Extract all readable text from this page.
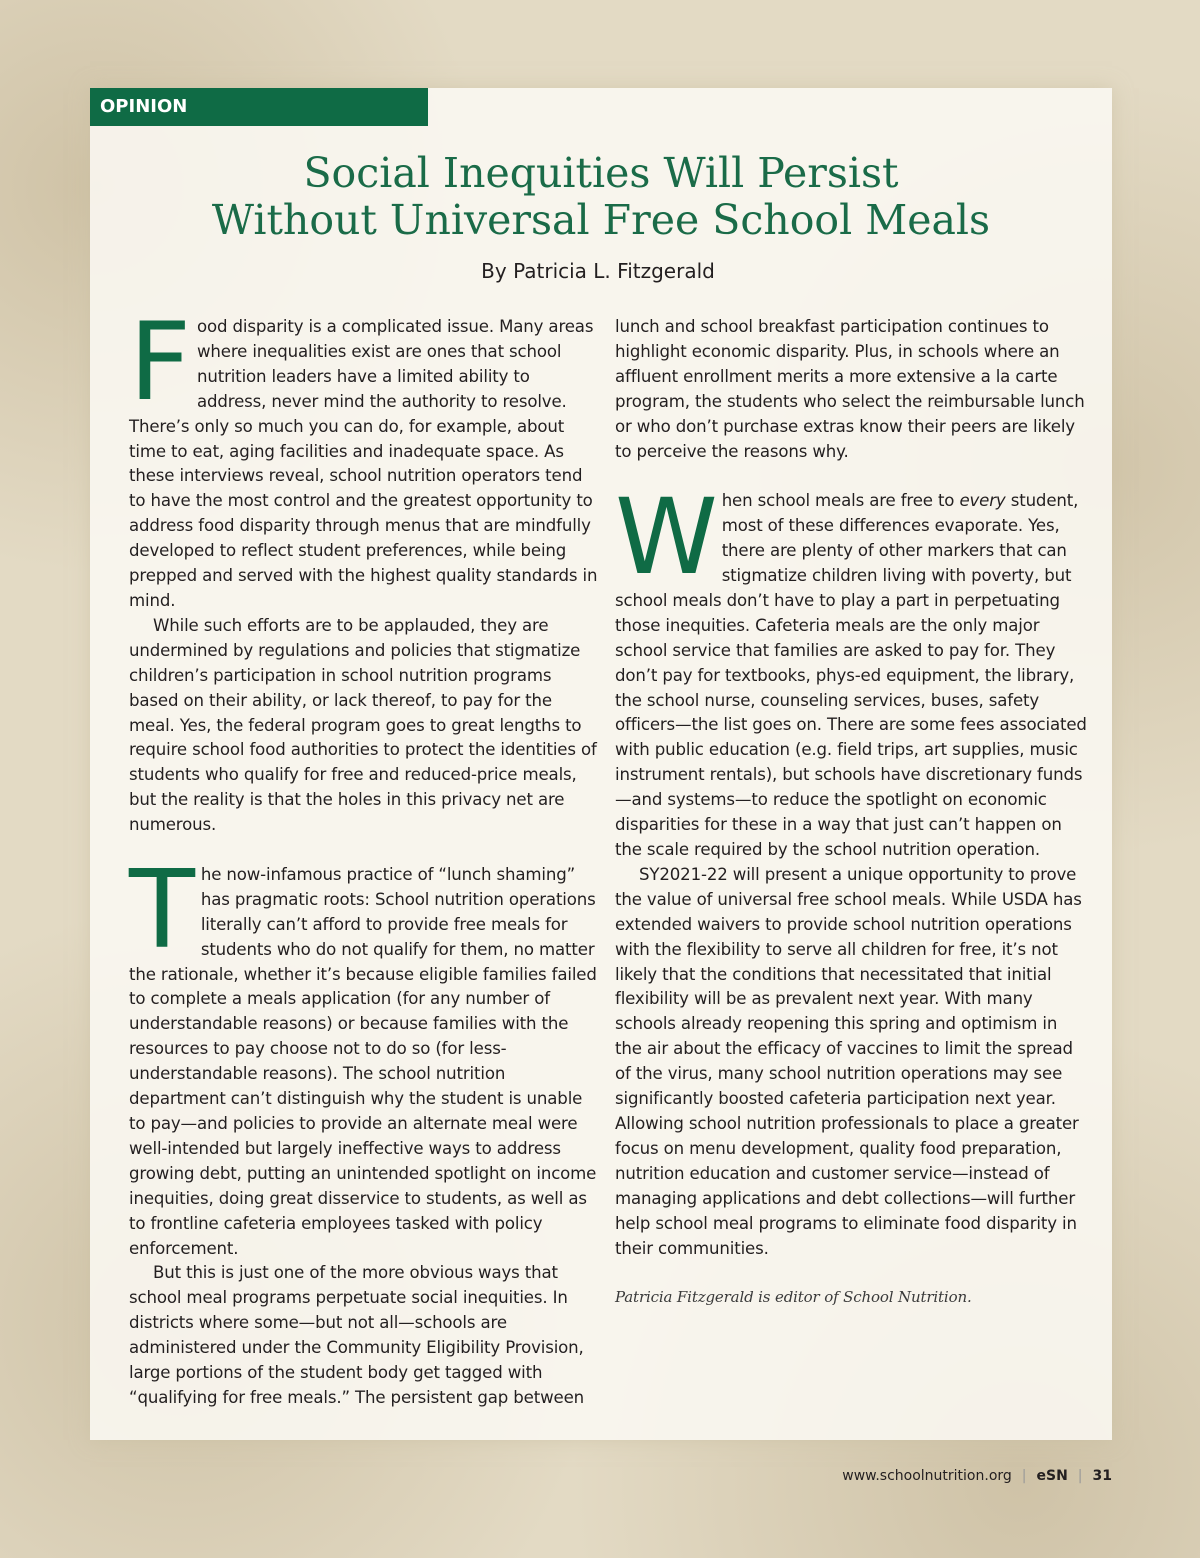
OPINION
Social Inequities Will Persist
Without Universal Free School Meals
By Patricia L. Fitzgerald

Food disparity is a complicated issue. Many areas where inequalities exist are ones that school nutrition leaders have a limited ability to address, never mind the authority to resolve. There’s only so much you can do, for example, about time to eat, aging facilities and inadequate space. As these interviews reveal, school nutrition operators tend to have the most control and the greatest opportunity to address food disparity through menus that are mindfully developed to reflect student preferences, while being prepped and served with the highest quality standards in mind.

While such efforts are to be applauded, they are undermined by regulations and policies that stigmatize children’s participation in school nutrition programs based on their ability, or lack thereof, to pay for the meal. Yes, the federal program goes to great lengths to require school food authorities to protect the identities of students who qualify for free and reduced-price meals, but the reality is that the holes in this privacy net are numerous.

The now-infamous practice of “lunch shaming” has pragmatic roots: School nutrition operations literally can’t afford to provide free meals for students who do not qualify for them, no matter the rationale, whether it’s because eligible families failed to complete a meals application (for any number of understandable reasons) or because families with the resources to pay choose not to do so (for less-understandable reasons). The school nutrition department can’t distinguish why the student is unable to pay—and policies to provide an alternate meal were well-intended but largely ineffective ways to address growing debt, putting an unintended spotlight on income inequities, doing great disservice to students, as well as to frontline cafeteria employees tasked with policy enforcement.

But this is just one of the more obvious ways that school meal programs perpetuate social inequities. In districts where some—but not all—schools are administered under the Community Eligibility Provision, large portions of the student body get tagged with “qualifying for free meals.” The persistent gap between

lunch and school breakfast participation continues to highlight economic disparity. Plus, in schools where an affluent enrollment merits a more extensive a la carte program, the students who select the reimbursable lunch or who don’t purchase extras know their peers are likely to perceive the reasons why.

When school meals are free to every student, most of these differences evaporate. Yes, there are plenty of other markers that can stigmatize children living with poverty, but school meals don’t have to play a part in perpetuating those inequities. Cafeteria meals are the only major school service that families are asked to pay for. They don’t pay for textbooks, phys-ed equipment, the library, the school nurse, counseling services, buses, safety officers—the list goes on. There are some fees associated with public education (e.g. field trips, art supplies, music instrument rentals), but schools have discretionary funds—and systems—to reduce the spotlight on economic disparities for these in a way that just can’t happen on the scale required by the school nutrition operation.

SY2021-22 will present a unique opportunity to prove the value of universal free school meals. While USDA has extended waivers to provide school nutrition operations with the flexibility to serve all children for free, it’s not likely that the conditions that necessitated that initial flexibility will be as prevalent next year. With many schools already reopening this spring and optimism in the air about the efficacy of vaccines to limit the spread of the virus, many school nutrition operations may see significantly boosted cafeteria participation next year. Allowing school nutrition professionals to place a greater focus on menu development, quality food preparation, nutrition education and customer service—instead of managing applications and debt collections—will further help school meal programs to eliminate food disparity in their communities.

Patricia Fitzgerald is editor of School Nutrition.

www.schoolnutrition.org | eSN | 31
